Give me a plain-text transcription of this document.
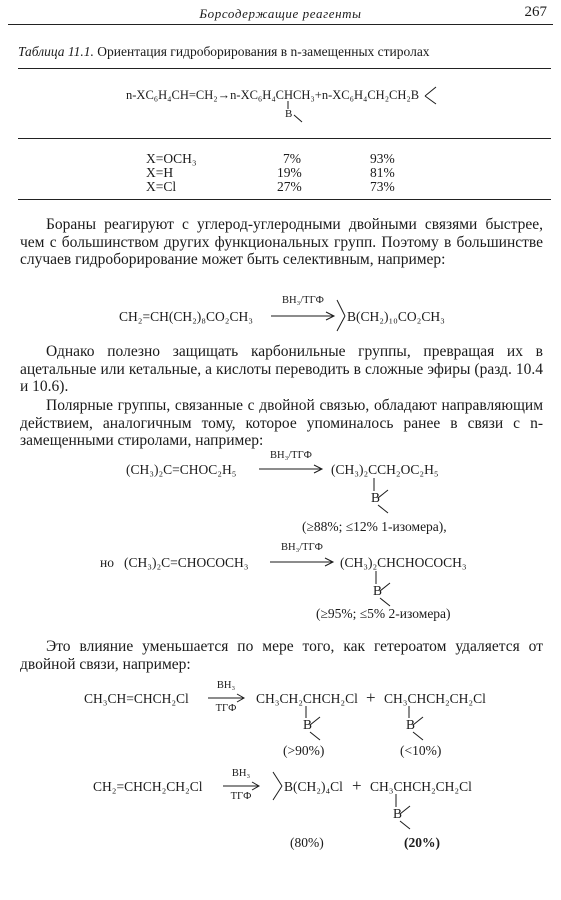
Борсодержащие реагенты	267
Таблица 11.1. Ориентация гидроборирования в n-замещенных стиролах
n-XC₆H₄CH=CH₂→n-XC₆H₄CHCH₃+n-XC₆H₄CH₂CH₂B
B
X=OCH₃	7%	93%
X=H	19%	81%
X=Cl	27%	73%
Бораны реагируют с углерод-углеродными двойными связями быстрее, чем с большинством других функциональных групп. Поэтому в большинстве случаев гидроборирование может быть селективным, например:
CH₂=CH(CH₂)₈CO₂CH₃
BH₃/ТГФ
B(CH₂)₁₀CO₂CH₃
Однако полезно защищать карбонильные группы, превращая их в ацетальные или кетальные, а кислоты переводить в сложные эфиры (разд. 10.4 и 10.6).
Полярные группы, связанные с двойной связью, обладают направляющим действием, аналогичным тому, которое упоминалось ранее в связи с n-замещенными стиролами, например:
(CH₃)₂C=CHOC₂H₅
BH₃/ТГФ
(CH₃)₂CCH₂OC₂H₅
B
(≥88%; ≤12% 1-изомера),
но (CH₃)₂C=CHOCOCH₃
BH₃/ТГФ
(CH₃)₂CHCHOCOCH₃
B
(≥95%; ≤5% 2-изомера)
Это влияние уменьшается по мере того, как гетероатом удаляется от двойной связи, например:
CH₃CH=CHCH₂Cl
BH₃
ТГФ
CH₃CH₂CHCH₂Cl + CH₃CHCH₂CH₂Cl
B	B
(>90%)	(<10%)
CH₂=CHCH₂CH₂Cl
BH₃
ТГФ
B(CH₂)₄Cl + CH₃CHCH₂CH₂Cl
B
(80%)	(20%)
